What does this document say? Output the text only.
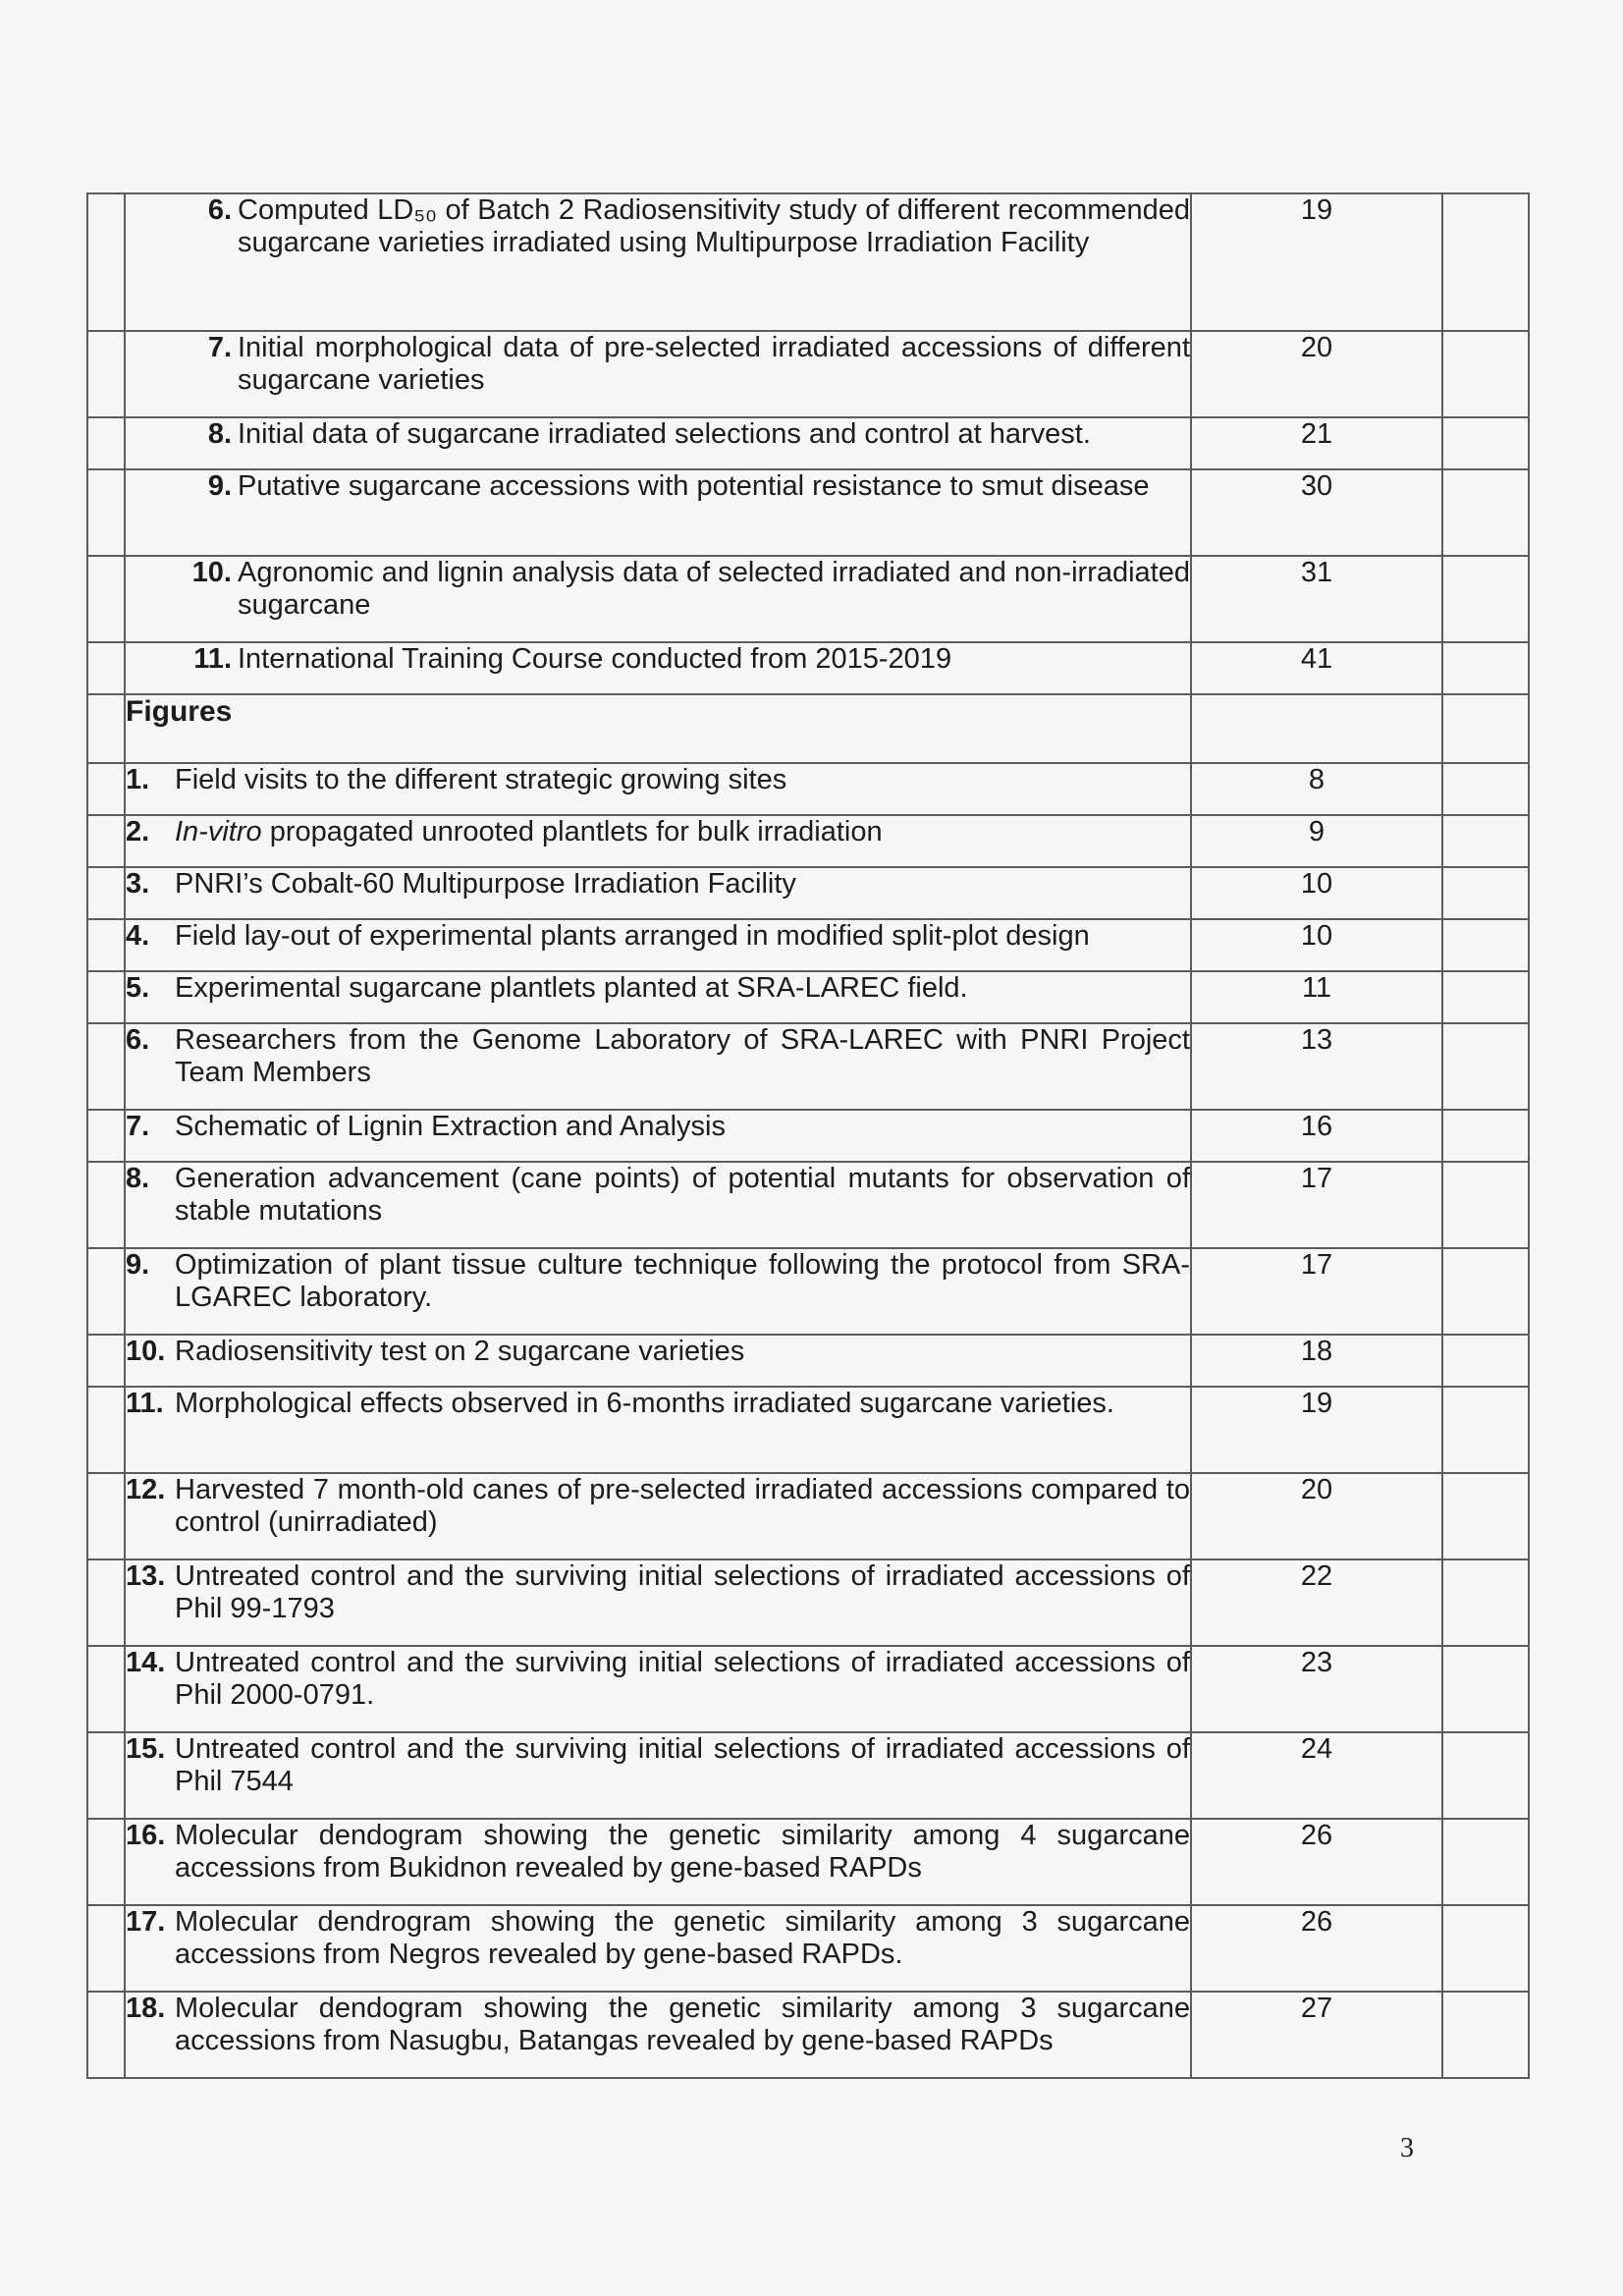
	6. Computed LD₅₀ of Batch 2 Radiosensitivity study of different recommended sugarcane varieties irradiated using Multipurpose Irradiation Facility	19	

	7. Initial morphological data of pre-selected irradiated accessions of different sugarcane varieties	20	

	8. Initial data of sugarcane irradiated selections and control at harvest.	21	

	9. Putative sugarcane accessions with potential resistance to smut disease	30	

	10. Agronomic and lignin analysis data of selected irradiated and non-irradiated sugarcane	31	

	11. International Training Course conducted from 2015-2019	41	
	Figures		

	1. Field visits to the different strategic growing sites	8	

	2. In-vitro propagated unrooted plantlets for bulk irradiation	9	

	3. PNRI’s Cobalt-60 Multipurpose Irradiation Facility	10	

	4. Field lay-out of experimental plants arranged in modified split-plot design	10	

	5. Experimental sugarcane plantlets planted at SRA-LAREC field.	11	

	6. Researchers from the Genome Laboratory of SRA-LAREC with PNRI Project Team Members	13	

	7. Schematic of Lignin Extraction and Analysis	16	

	8. Generation advancement (cane points) of potential mutants for observation of stable mutations	17	

	9. Optimization of plant tissue culture technique following the protocol from SRA-LGAREC laboratory.	17	

	10. Radiosensitivity test on 2 sugarcane varieties	18	

	11. Morphological effects observed in 6-months irradiated sugarcane varieties.	19	

	12. Harvested 7 month-old canes of pre-selected irradiated accessions compared to control (unirradiated)	20	

	13. Untreated control and the surviving initial selections of irradiated accessions of Phil 99-1793	22	

	14. Untreated control and the surviving initial selections of irradiated accessions of Phil 2000-0791.	23	

	15. Untreated control and the surviving initial selections of irradiated accessions of Phil 7544	24	

	16. Molecular dendogram showing the genetic similarity among 4 sugarcane accessions from Bukidnon revealed by gene-based RAPDs	26	

	17. Molecular dendrogram showing the genetic similarity among 3 sugarcane accessions from Negros revealed by gene-based RAPDs.	26	

	18. Molecular dendogram showing the genetic similarity among 3 sugarcane accessions from Nasugbu, Batangas revealed by gene-based RAPDs	27	
3
